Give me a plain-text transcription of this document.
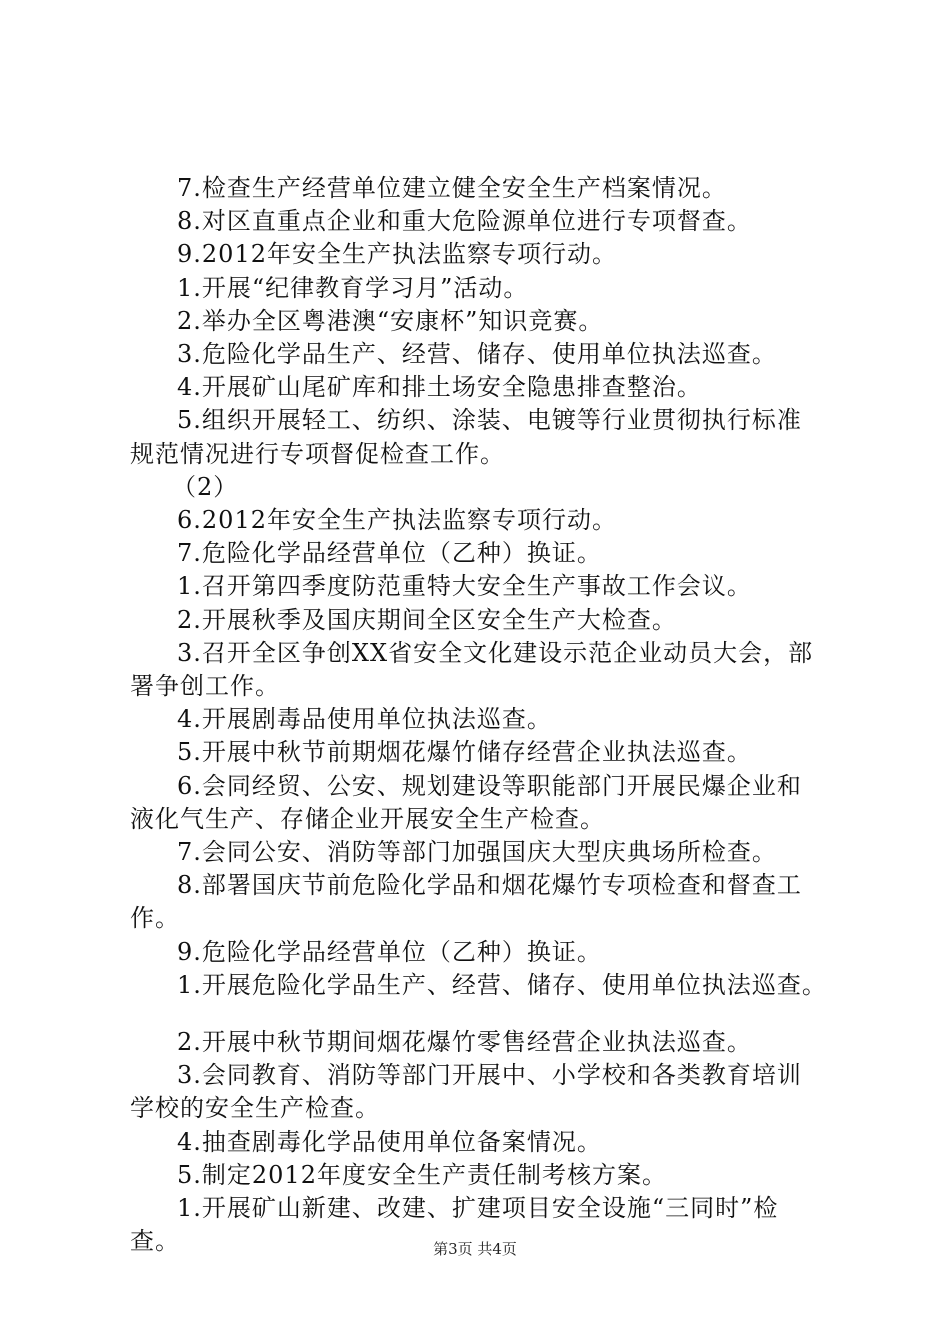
7.检查生产经营单位建立健全安全生产档案情况。
8.对区直重点企业和重大危险源单位进行专项督查。
9.2012年安全生产执法监察专项行动。
1.开展“纪律教育学习月”活动。
2.举办全区粤港澳“安康杯”知识竞赛。
3.危险化学品生产、经营、储存、使用单位执法巡查。
4.开展矿山尾矿库和排土场安全隐患排查整治。
5.组织开展轻工、纺织、涂装、电镀等行业贯彻执行标准
规范情况进行专项督促检查工作。
（2）
6.2012年安全生产执法监察专项行动。
7.危险化学品经营单位（乙种）换证。
1.召开第四季度防范重特大安全生产事故工作会议。
2.开展秋季及国庆期间全区安全生产大检查。
3.召开全区争创XX省安全文化建设示范企业动员大会，部
署争创工作。
4.开展剧毒品使用单位执法巡查。
5.开展中秋节前期烟花爆竹储存经营企业执法巡查。
6.会同经贸、公安、规划建设等职能部门开展民爆企业和
液化气生产、存储企业开展安全生产检查。
7.会同公安、消防等部门加强国庆大型庆典场所检查。
8.部署国庆节前危险化学品和烟花爆竹专项检查和督查工
作。
9.危险化学品经营单位（乙种）换证。
1.开展危险化学品生产、经营、储存、使用单位执法巡查。
2.开展中秋节期间烟花爆竹零售经营企业执法巡查。
3.会同教育、消防等部门开展中、小学校和各类教育培训
学校的安全生产检查。
4.抽查剧毒化学品使用单位备案情况。
5.制定2012年度安全生产责任制考核方案。
1.开展矿山新建、改建、扩建项目安全设施“三同时”检
查。	第3页 共4页
